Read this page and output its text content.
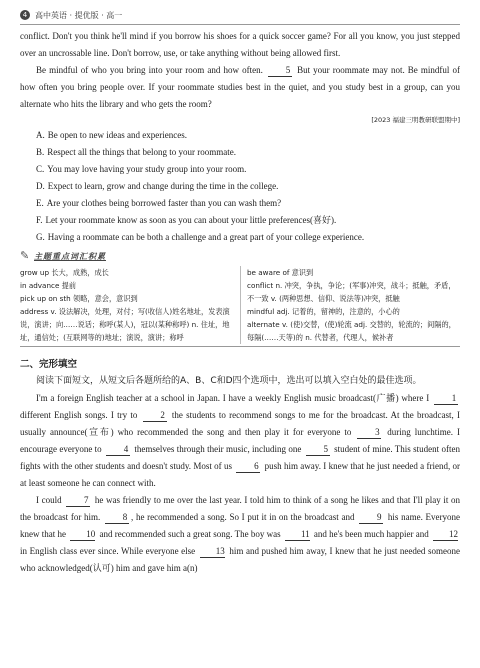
4 高中英语 · 提优版 · 高一

conflict. Don't you think he'll mind if you borrow his shoes for a quick soccer game? For all you know, you just stepped over an uncrossable line. Don't borrow, use, or take anything without being allowed first.

Be mindful of who you bring into your room and how often.	5 But your roommate may not. Be mindful of how often you bring people over. If your roommate studies best in the quiet, and you study best in a group, can you alternate who hits the library and who gets the room?

[2023 福建三明教研联盟期中]
A. Be open to new ideas and experiences.
B. Respect all the things that belong to your roommate.
C. You may love having your study group into your room.
D. Expect to learn, grow and change during the time in the college.
E. Are your clothes being borrowed faster than you can wash them?
F. Let your roommate know as soon as you can about your little preferences(喜好).
G. Having a roommate can be both a challenge and a great part of your college experience.
✎ 主题重点词汇积累
grow up 长大，成熟，成长
in advance 提前
pick up on sth 领略，意会，意识到
address v. 设法解决，处理，对付；写(收信人)姓名地址，发表演说，演讲；向……说话；称呼(某人)，冠以(某种称呼) n. 住址，地址，通信处；(互联网等的)地址；演说，演讲；称呼
be aware of 意识到
conflict n. 冲突，争执，争论；(军事)冲突，战斗；抵触，矛盾，不一致 v. (两种思想、信仰、说法等)冲突，抵触
mindful adj. 记着的，留神的，注意的，小心的
alternate v. (使)交替，(使)轮流 adj. 交替的，轮流的；间隔的，每隔(……天等)的 n. 代替者，代理人，候补者
二、完形填空

阅读下面短文，从短文后各题所给的A、B、C和D四个选项中，选出可以填入空白处的最佳选项。

I'm a foreign English teacher at a school in Japan. I have a weekly English music broadcast(广播) where I	1 different English songs. I try to	2 the students to recommend songs to me for the broadcast. At the broadcast, I usually announce(宣布) who recommended the song and then play it for everyone to	3 during lunchtime. I encourage everyone to 4 themselves through their music, including one 5 student of mine. This student often fights with the other students and doesn't study. Most of us 6 push him away. I knew that he just needed a friend, or at least someone he can connect with.

I could 7 he was friendly to me over the last year. I told him to think of a song he likes and that I'll play it on the broadcast for him. 8 , he recommended a song. So I put it in on the broadcast and 9 his name. Everyone knew that he 10 and recommended such a great song. The boy was 11 and he's been much happier and 12 in English class ever since. While everyone else 13 him and pushed him away, I knew that he just needed someone who acknowledged(认可) him and gave him a(n)
